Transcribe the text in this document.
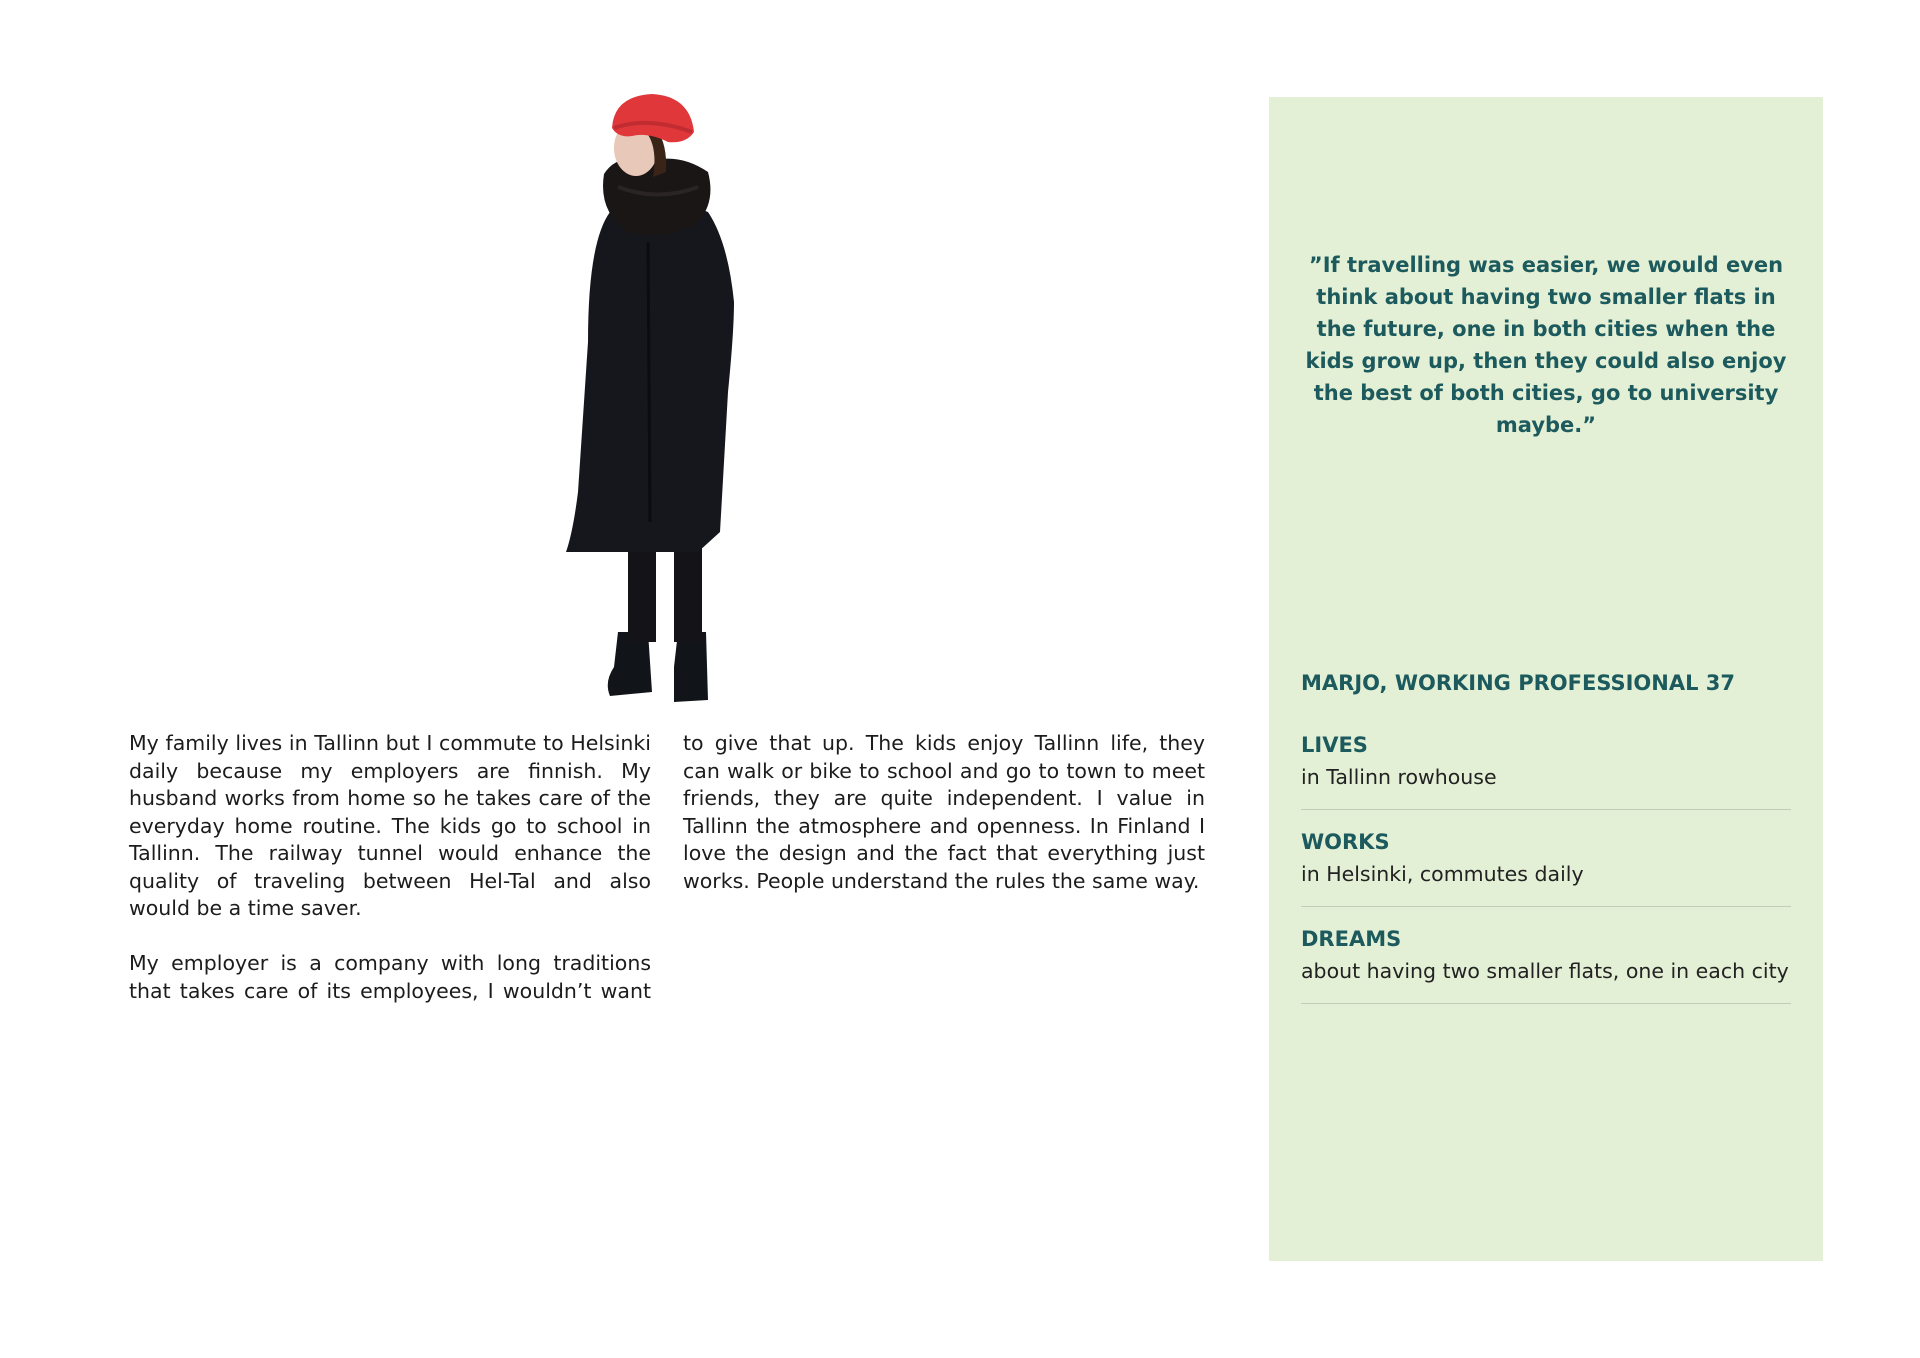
My family lives in Tallinn but I commute to Helsinki daily because my employers are finnish. My husband works from home so he takes care of the everyday home routine. The kids go to school in Tallinn. The railway tunnel would enhance the quality of traveling between Hel-Tal and also would be a time saver.

My employer is a company with long traditions that takes care of its employees, I wouldn’t want to give that up. The kids enjoy Tallinn life, they can walk or bike to school and go to town to meet friends, they are quite independent. I value in Tallinn the atmosphere and openness. In Finland I love the design and the fact that everything just works. People understand the rules the same way.

”If travelling was easier, we would even think about having two smaller flats in the future, one in both cities when the kids grow up, then they could also enjoy the best of both cities, go to university maybe.”
MARJO, WORKING PROFESSIONAL 37
LIVES
in Tallinn rowhouse
WORKS
in Helsinki, commutes daily
DREAMS
about having two smaller flats, one in each city
